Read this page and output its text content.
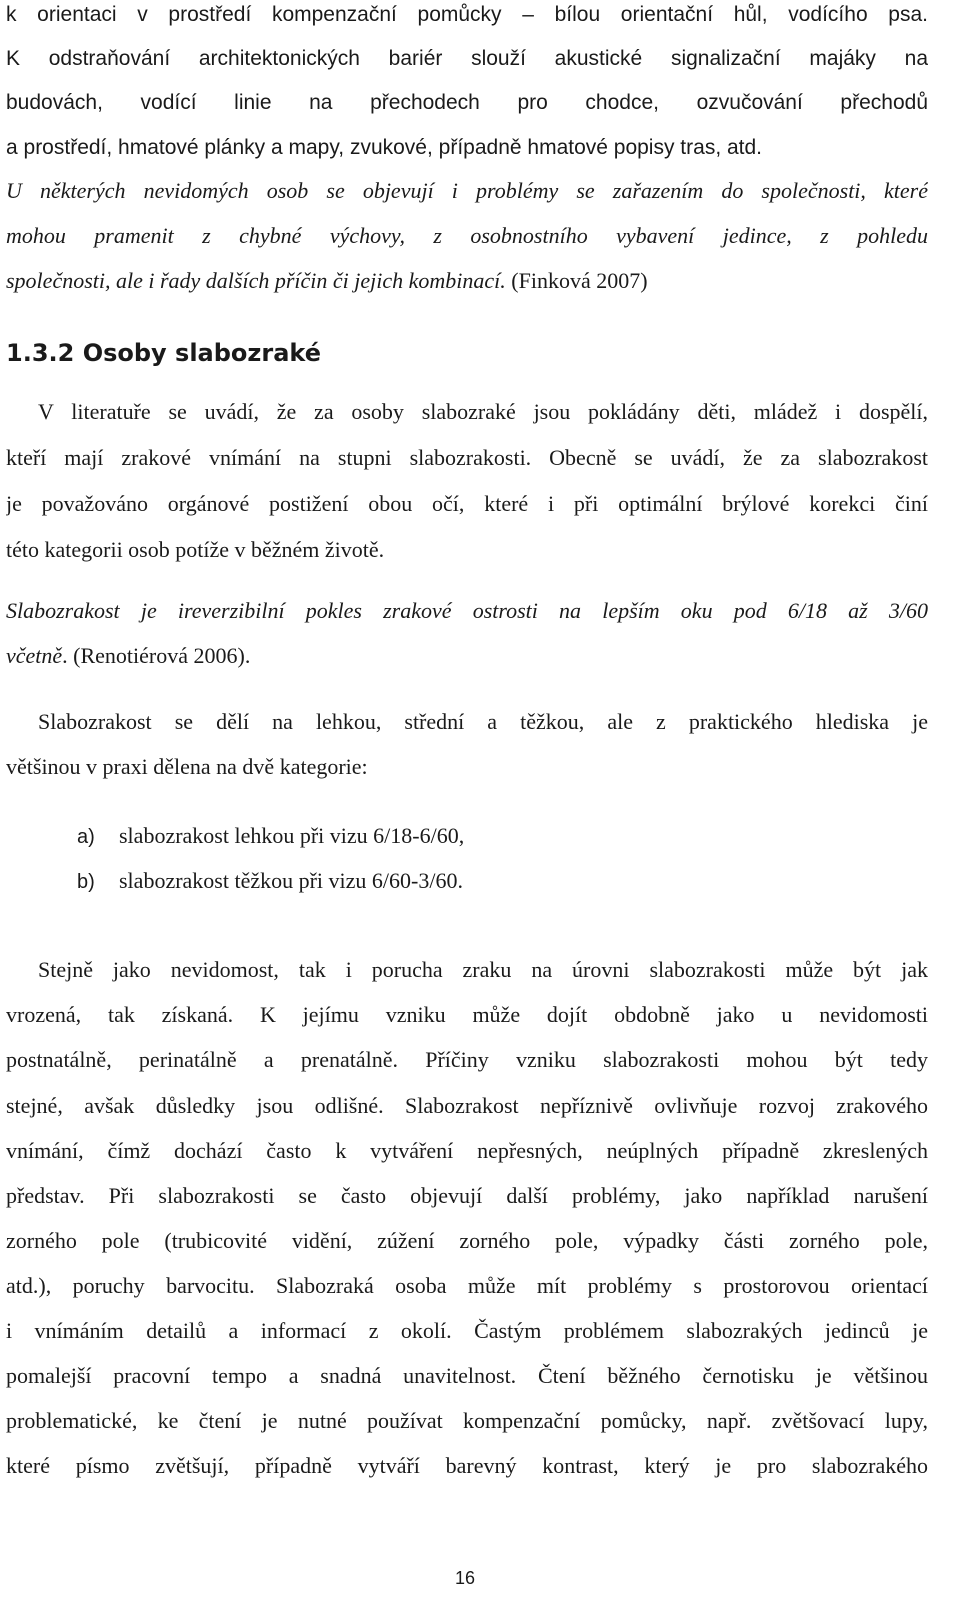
k orientaci v prostředí kompenzační pomůcky – bílou orientační hůl, vodícího psa.
K odstraňování architektonických bariér slouží akustické signalizační majáky na
budovách, vodící linie na přechodech pro chodce, ozvučování přechodů
a prostředí, hmatové plánky a mapy, zvukové, případně hmatové popisy tras, atd.
U některých nevidomých osob se objevují i problémy se zařazením do společnosti, které
mohou pramenit z chybné výchovy, z osobnostního vybavení jedince, z pohledu
společnosti, ale i řady dalších příčin či jejich kombinací. (Finková 2007)
1.3.2 Osoby slabozraké
V literatuře se uvádí, že za osoby slabozraké jsou pokládány děti, mládež i dospělí,
kteří mají zrakové vnímání na stupni slabozrakosti. Obecně se uvádí, že za slabozrakost
je považováno orgánové postižení obou očí, které i při optimální brýlové korekci činí
této kategorii osob potíže v běžném životě.
Slabozrakost je ireverzibilní pokles zrakové ostrosti na lepším oku pod 6/18 až 3/60
včetně. (Renotiérová 2006).
Slabozrakost se dělí na lehkou, střední a těžkou, ale z praktického hlediska je
většinou v praxi dělena na dvě kategorie:
a) slabozrakost lehkou při vizu 6/18-6/60,
b) slabozrakost těžkou při vizu 6/60-3/60.
Stejně jako nevidomost, tak i porucha zraku na úrovni slabozrakosti může být jak
vrozená, tak získaná. K jejímu vzniku může dojít obdobně jako u nevidomosti
postnatálně, perinatálně a prenatálně. Příčiny vzniku slabozrakosti mohou být tedy
stejné, avšak důsledky jsou odlišné. Slabozrakost nepříznivě ovlivňuje rozvoj zrakového
vnímání, čímž dochází často k vytváření nepřesných, neúplných případně zkreslených
představ. Při slabozrakosti se často objevují další problémy, jako například narušení
zorného pole (trubicovité vidění, zúžení zorného pole, výpadky části zorného pole,
atd.), poruchy barvocitu. Slabozraká osoba může mít problémy s prostorovou orientací
i vnímáním detailů a informací z okolí. Častým problémem slabozrakých jedinců je
pomalejší pracovní tempo a snadná unavitelnost. Čtení běžného černotisku je většinou
problematické, ke čtení je nutné používat kompenzační pomůcky, např. zvětšovací lupy,
které písmo zvětšují, případně vytváří barevný kontrast, který je pro slabozrakého
16
